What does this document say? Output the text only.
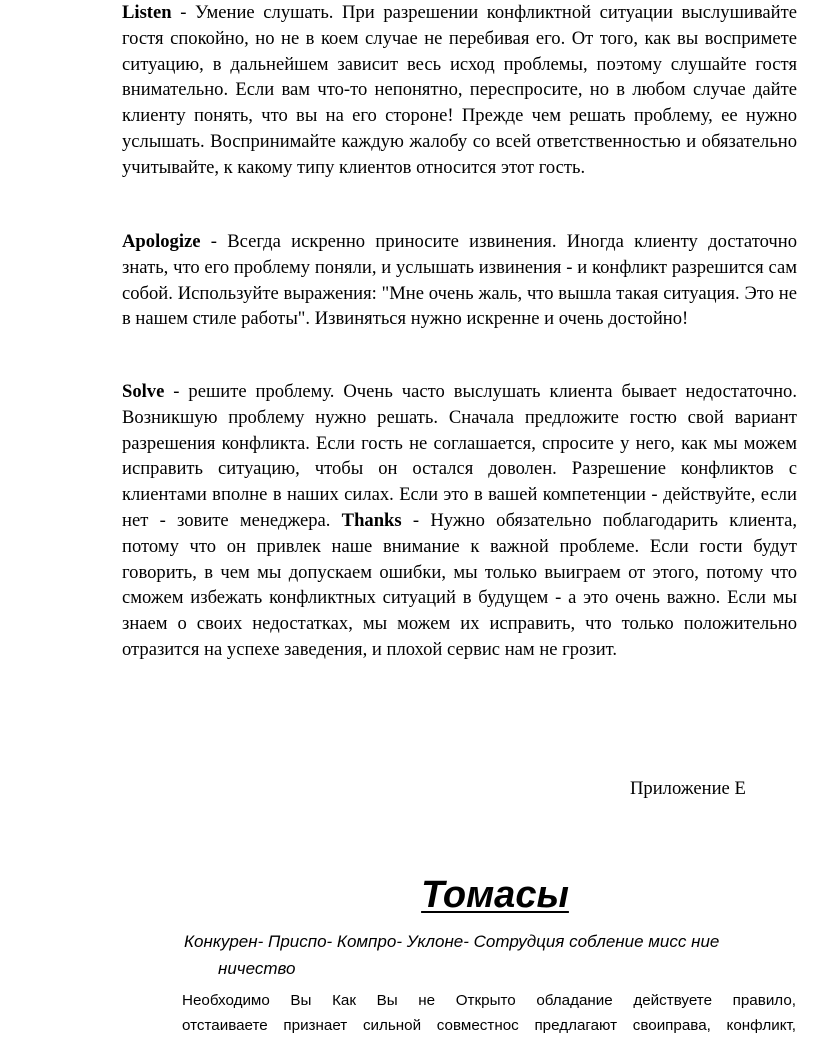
Listen - Умение слушать. При разрешении конфликтной ситуации выслушивайте гостя спокойно, но не в коем случае не перебивая его. От того, как вы воспримете ситуацию, в дальнейшем зависит весь исход проблемы, поэтому слушайте гостя внимательно. Если вам что-то непонятно, переспросите, но в любом случае дайте клиенту понять, что вы на его стороне! Прежде чем решать проблему, ее нужно услышать. Воспринимайте каждую жалобу со всей ответственностью и обязательно учитывайте, к какому типу клиентов относится этот гость.

Apologize - Всегда искренно приносите извинения. Иногда клиенту достаточно знать, что его проблему поняли, и услышать извинения - и конфликт разрешится сам собой. Используйте выражения: "Мне очень жаль, что вышла такая ситуация. Это не в нашем стиле работы". Извиняться нужно искренне и очень достойно!

Solve - решите проблему. Очень часто выслушать клиента бывает недостаточно. Возникшую проблему нужно решать. Сначала предложите гостю свой вариант разрешения конфликта. Если гость не соглашается, спросите у него, как мы можем исправить ситуацию, чтобы он остался доволен. Разрешение конфликтов с клиентами вполне в наших силах. Если это в вашей компетенции - действуйте, если нет - зовите менеджера. Thanks - Нужно обязательно поблагодарить клиента, потому что он привлек наше внимание к важной проблеме. Если гости будут говорить, в чем мы допускаем ошибки, мы только выиграем от этого, потому что сможем избежать конфликтных ситуаций в будущем - а это очень важно. Если мы знаем о своих недостатках, мы можем их исправить, что только положительно отразится на успехе заведения, и плохой сервис нам не грозит.

Приложение Е

Томасы

Конкурен- Приспо- Компро- Уклоне- Сотрудция собление мисс ние
ничество

Необходимо Вы Как Вы не Открыто обладание действуете правило,
отстаиваете признает сильной совместнос предлагают своиправа, конфликт,
